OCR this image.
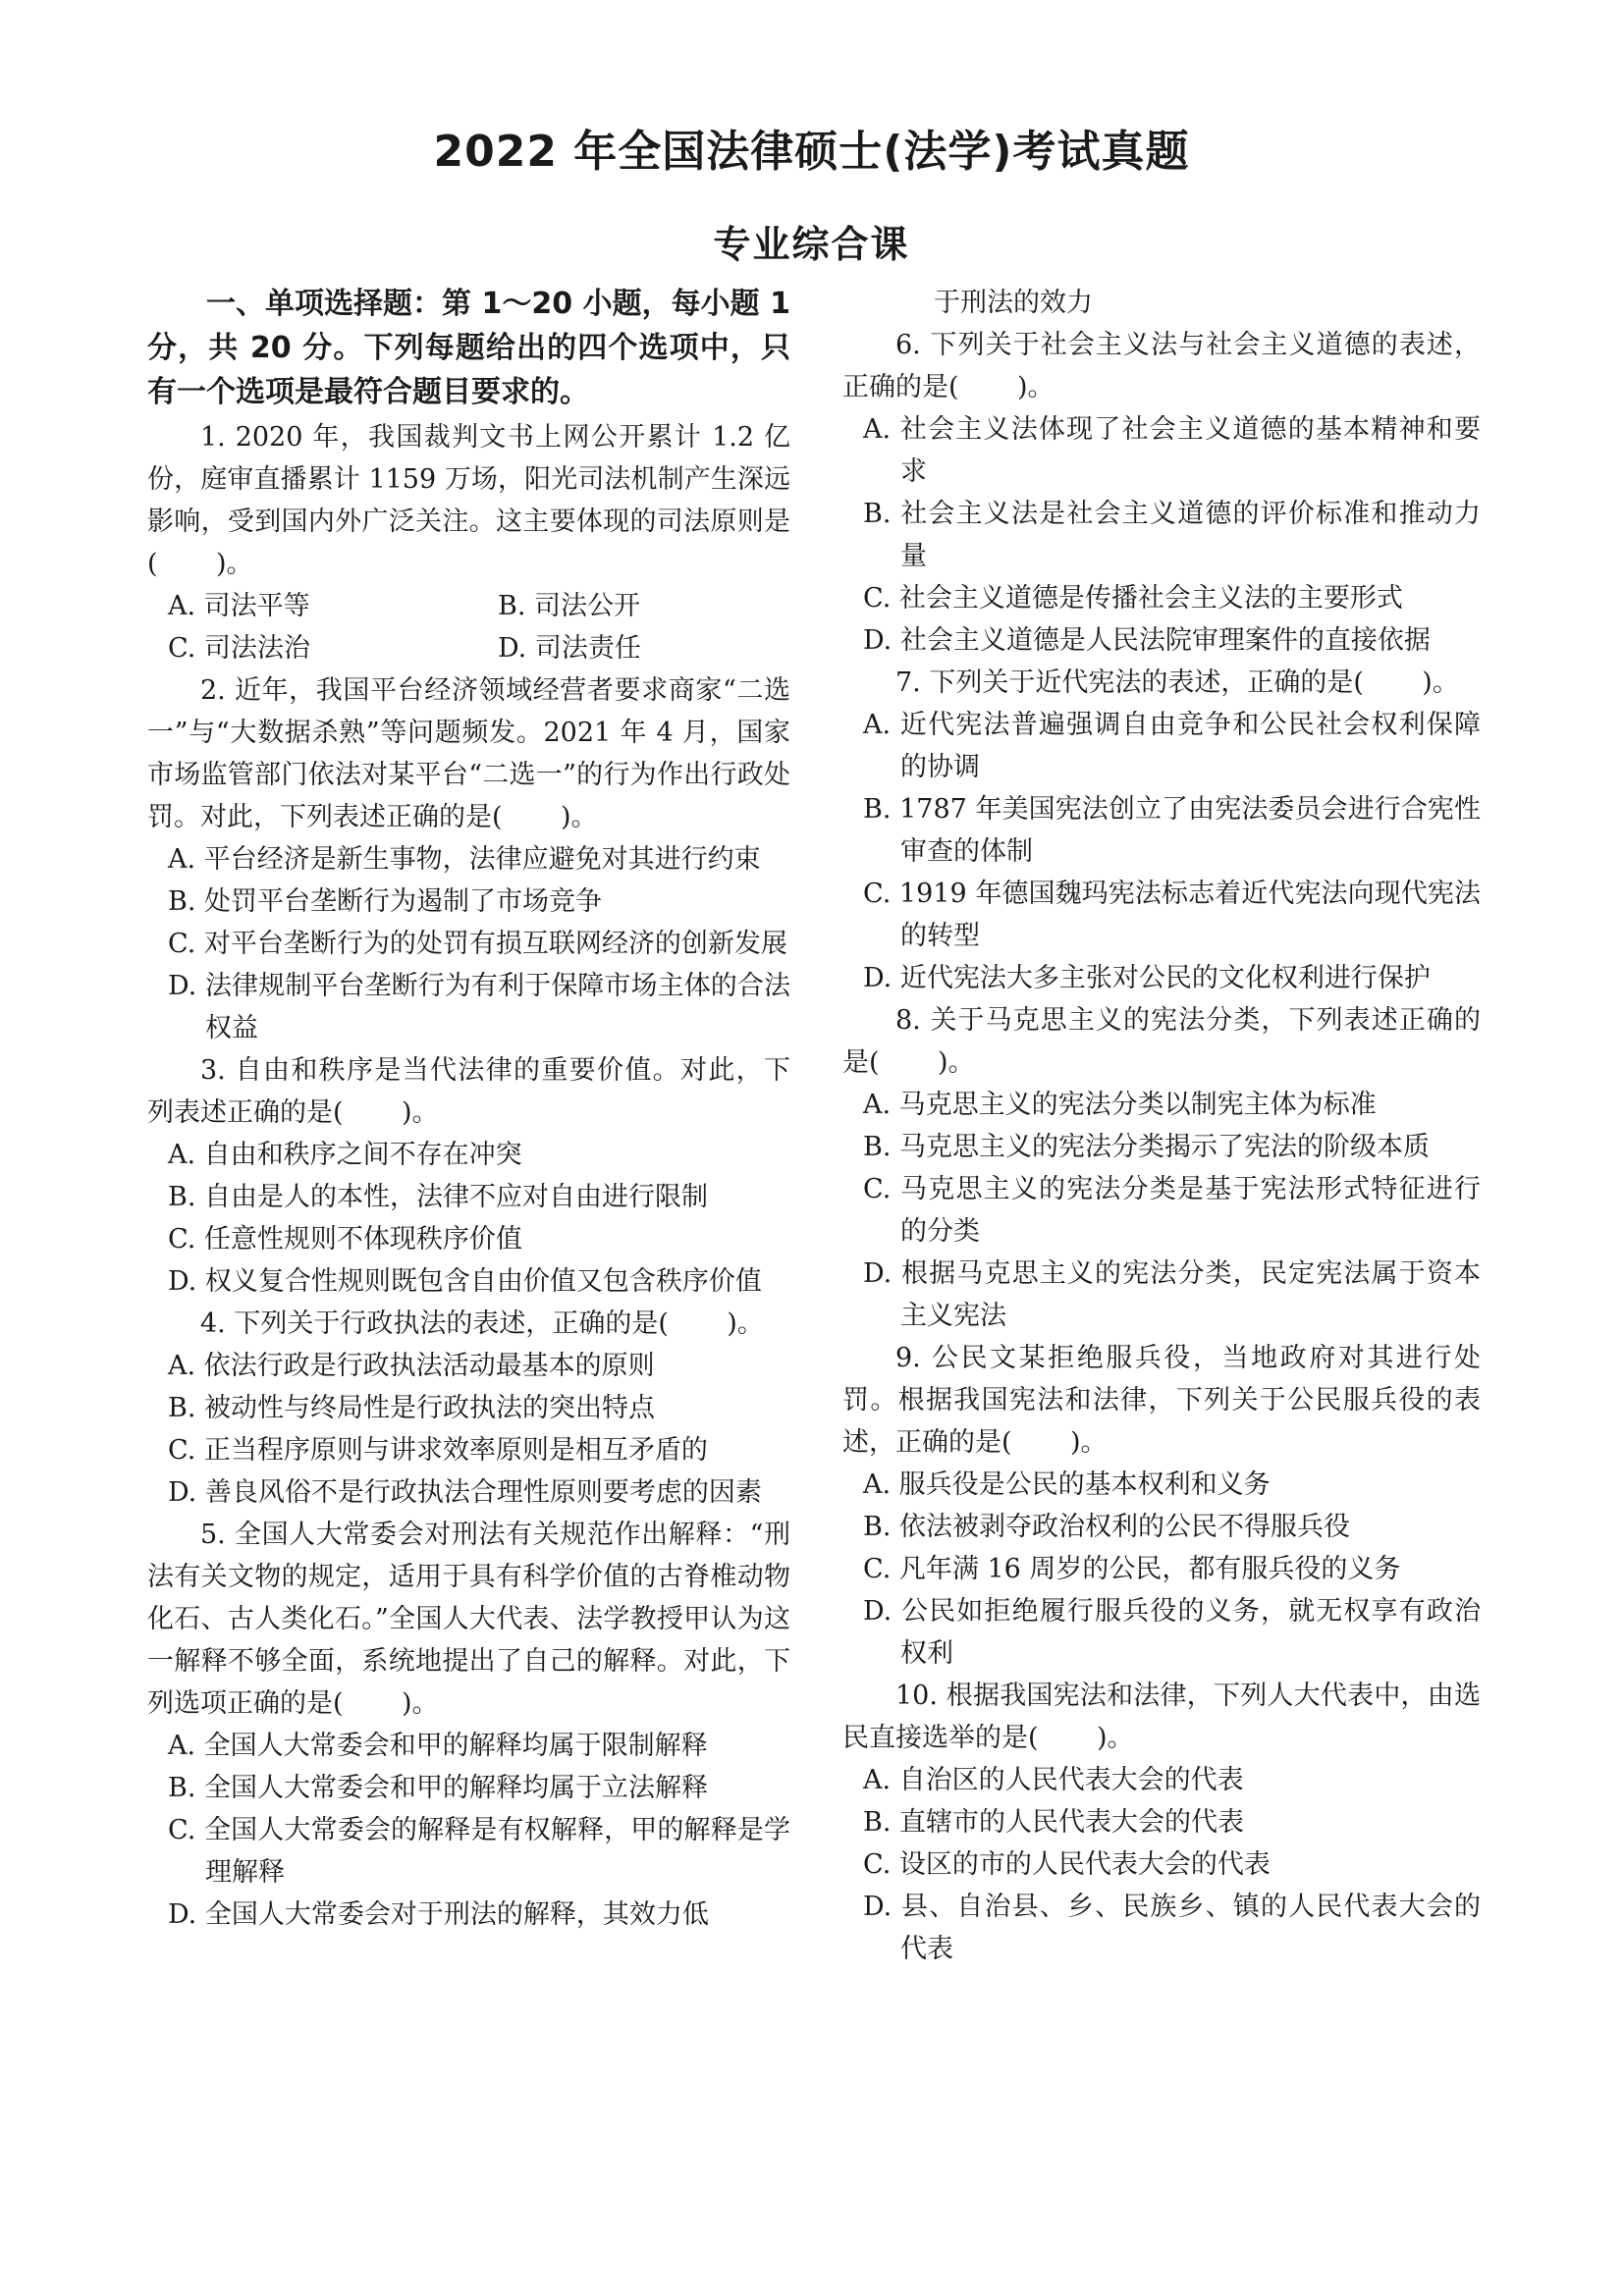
2022 年全国法律硕士(法学)考试真题
专业综合课
一、单项选择题：第 1～20 小题，每小题 1 分，共 20 分。下列每题给出的四个选项中，只有一个选项是最符合题目要求的。
1. 2020 年，我国裁判文书上网公开累计 1.2 亿份，庭审直播累计 1159 万场，阳光司法机制产生深远影响，受到国内外广泛关注。这主要体现的司法原则是( )。
A. 司法平等	B. 司法公开
C. 司法法治	D. 司法责任
2. 近年，我国平台经济领域经营者要求商家“二选一”与“大数据杀熟”等问题频发。2021 年 4 月，国家市场监管部门依法对某平台“二选一”的行为作出行政处罚。对此，下列表述正确的是( )。
A. 平台经济是新生事物，法律应避免对其进行约束
B. 处罚平台垄断行为遏制了市场竞争
C. 对平台垄断行为的处罚有损互联网经济的创新发展
D. 法律规制平台垄断行为有利于保障市场主体的合法权益
3. 自由和秩序是当代法律的重要价值。对此，下列表述正确的是( )。
A. 自由和秩序之间不存在冲突
B. 自由是人的本性，法律不应对自由进行限制
C. 任意性规则不体现秩序价值
D. 权义复合性规则既包含自由价值又包含秩序价值
4. 下列关于行政执法的表述，正确的是( )。
A. 依法行政是行政执法活动最基本的原则
B. 被动性与终局性是行政执法的突出特点
C. 正当程序原则与讲求效率原则是相互矛盾的
D. 善良风俗不是行政执法合理性原则要考虑的因素
5. 全国人大常委会对刑法有关规范作出解释：“刑法有关文物的规定，适用于具有科学价值的古脊椎动物化石、古人类化石。”全国人大代表、法学教授甲认为这一解释不够全面，系统地提出了自己的解释。对此，下列选项正确的是( )。
A. 全国人大常委会和甲的解释均属于限制解释
B. 全国人大常委会和甲的解释均属于立法解释
C. 全国人大常委会的解释是有权解释，甲的解释是学理解释
D. 全国人大常委会对于刑法的解释，其效力低
于刑法的效力
6. 下列关于社会主义法与社会主义道德的表述，正确的是( )。
A. 社会主义法体现了社会主义道德的基本精神和要求
B. 社会主义法是社会主义道德的评价标准和推动力量
C. 社会主义道德是传播社会主义法的主要形式
D. 社会主义道德是人民法院审理案件的直接依据
7. 下列关于近代宪法的表述，正确的是( )。
A. 近代宪法普遍强调自由竞争和公民社会权利保障的协调
B. 1787 年美国宪法创立了由宪法委员会进行合宪性审查的体制
C. 1919 年德国魏玛宪法标志着近代宪法向现代宪法的转型
D. 近代宪法大多主张对公民的文化权利进行保护
8. 关于马克思主义的宪法分类，下列表述正确的是( )。
A. 马克思主义的宪法分类以制宪主体为标准
B. 马克思主义的宪法分类揭示了宪法的阶级本质
C. 马克思主义的宪法分类是基于宪法形式特征进行的分类
D. 根据马克思主义的宪法分类，民定宪法属于资本主义宪法
9. 公民文某拒绝服兵役，当地政府对其进行处罚。根据我国宪法和法律，下列关于公民服兵役的表述，正确的是( )。
A. 服兵役是公民的基本权利和义务
B. 依法被剥夺政治权利的公民不得服兵役
C. 凡年满 16 周岁的公民，都有服兵役的义务
D. 公民如拒绝履行服兵役的义务，就无权享有政治权利
10. 根据我国宪法和法律，下列人大代表中，由选民直接选举的是( )。
A. 自治区的人民代表大会的代表
B. 直辖市的人民代表大会的代表
C. 设区的市的人民代表大会的代表
D. 县、自治县、乡、民族乡、镇的人民代表大会的代表
